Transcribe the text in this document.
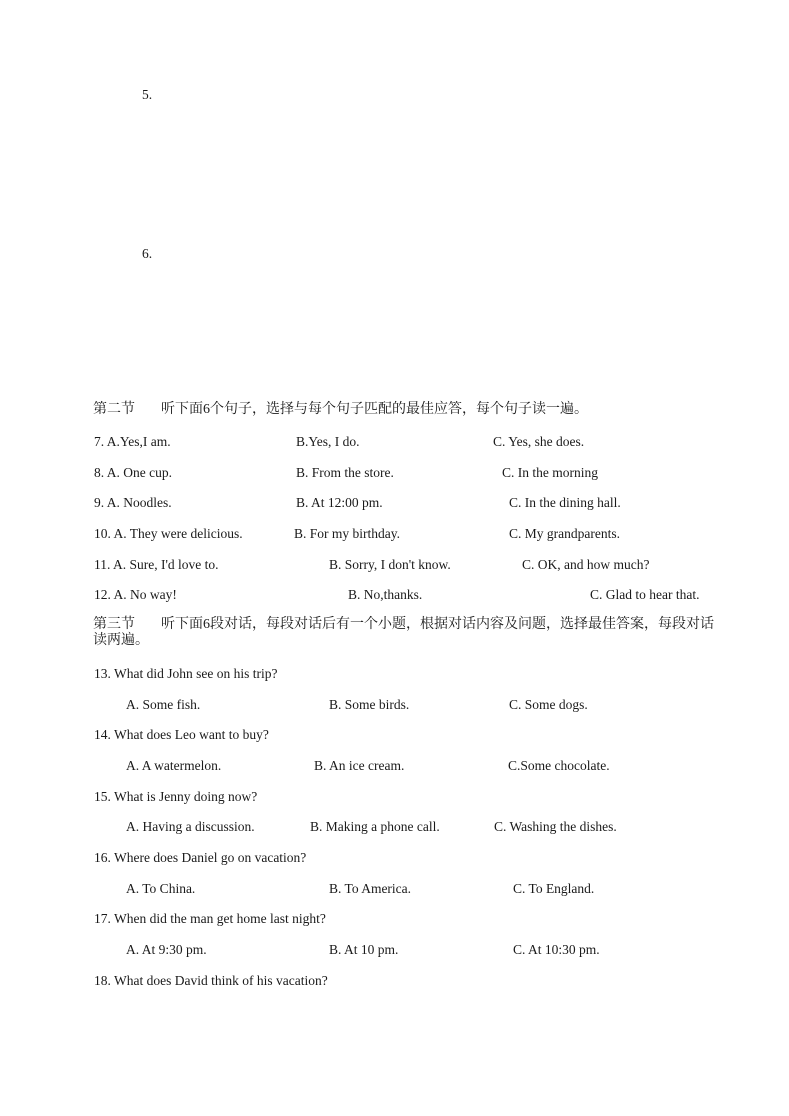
5.
6.
第二节 听下面6个句子，选择与每个句子匹配的最佳应答，每个句子读一遍。
7. A.Yes,I am.	B.Yes, I do.	C. Yes, she does.
8. A. One cup.	B. From the store.	C. In the morning
9. A. Noodles.	B. At 12:00 pm.	C. In the dining hall.
10. A. They were delicious.	B. For my birthday.	C. My grandparents.
11. A. Sure, I'd love to.	B. Sorry, I don't know.	C. OK, and how much?
12. A. No way!	B. No,thanks.	C. Glad to hear that.
第三节 听下面6段对话，每段对话后有一个小题，根据对话内容及问题，选择最佳答案，每段对话
读两遍。
13. What did John see on his trip?
A. Some fish.	B. Some birds.	C. Some dogs.
14. What does Leo want to buy?
A. A watermelon.	B. An ice cream.	C.Some chocolate.
15. What is Jenny doing now?
A. Having a discussion.	B. Making a phone call.	C. Washing the dishes.
16. Where does Daniel go on vacation?
A. To China.	B. To America.	C. To England.
17. When did the man get home last night?
A. At 9:30 pm.	B. At 10 pm.	C. At 10:30 pm.
18. What does David think of his vacation?
